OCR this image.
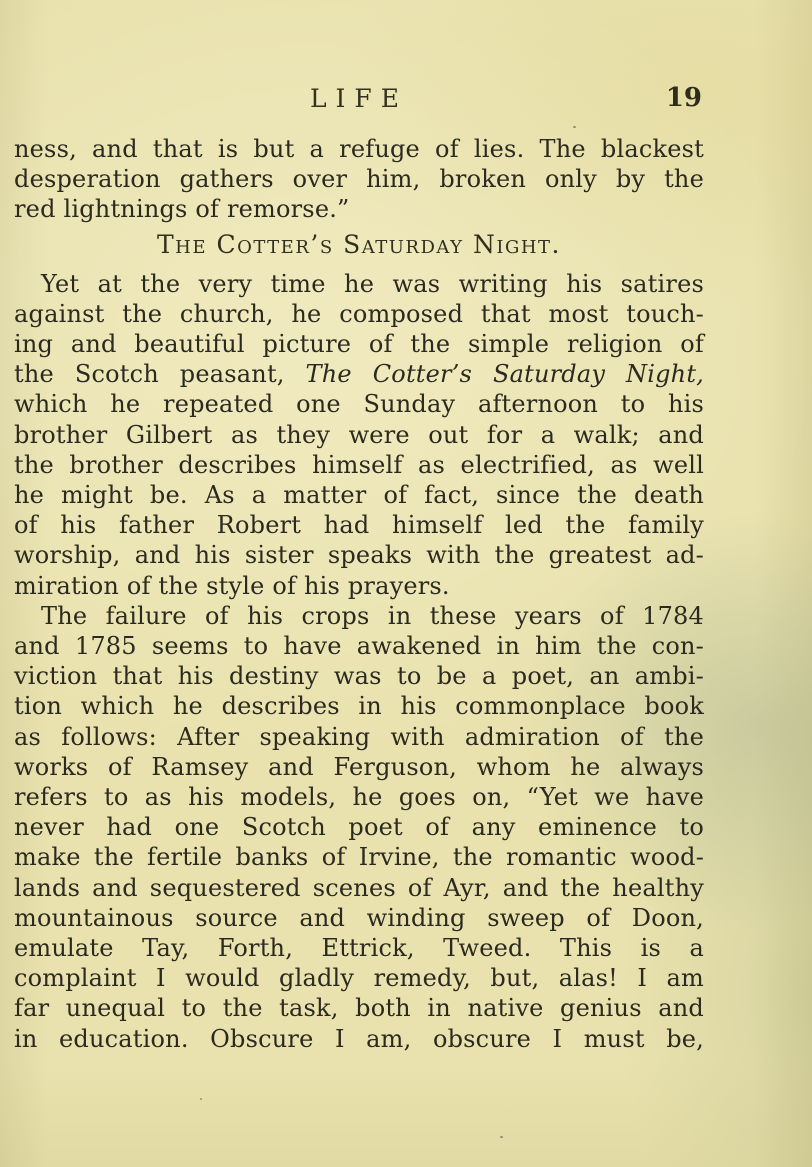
LIFE	19
ness, and that is but a refuge of lies. The blackest
desperation gathers over him, broken only by the
red lightnings of remorse.”
The Cotter’s Saturday Night.
Yet at the very time he was writing his satires
against the church, he composed that most touch-
ing and beautiful picture of the simple religion of
the Scotch peasant, The Cotter’s Saturday Night,
which he repeated one Sunday afternoon to his
brother Gilbert as they were out for a walk; and
the brother describes himself as electrified, as well
he might be. As a matter of fact, since the death
of his father Robert had himself led the family
worship, and his sister speaks with the greatest ad-
miration of the style of his prayers.
The failure of his crops in these years of 1784
and 1785 seems to have awakened in him the con-
viction that his destiny was to be a poet, an ambi-
tion which he describes in his commonplace book
as follows: After speaking with admiration of the
works of Ramsey and Ferguson, whom he always
refers to as his models, he goes on, “Yet we have
never had one Scotch poet of any eminence to
make the fertile banks of Irvine, the romantic wood-
lands and sequestered scenes of Ayr, and the healthy
mountainous source and winding sweep of Doon,
emulate Tay, Forth, Ettrick, Tweed. This is a
complaint I would gladly remedy, but, alas! I am
far unequal to the task, both in native genius and
in education. Obscure I am, obscure I must be,
